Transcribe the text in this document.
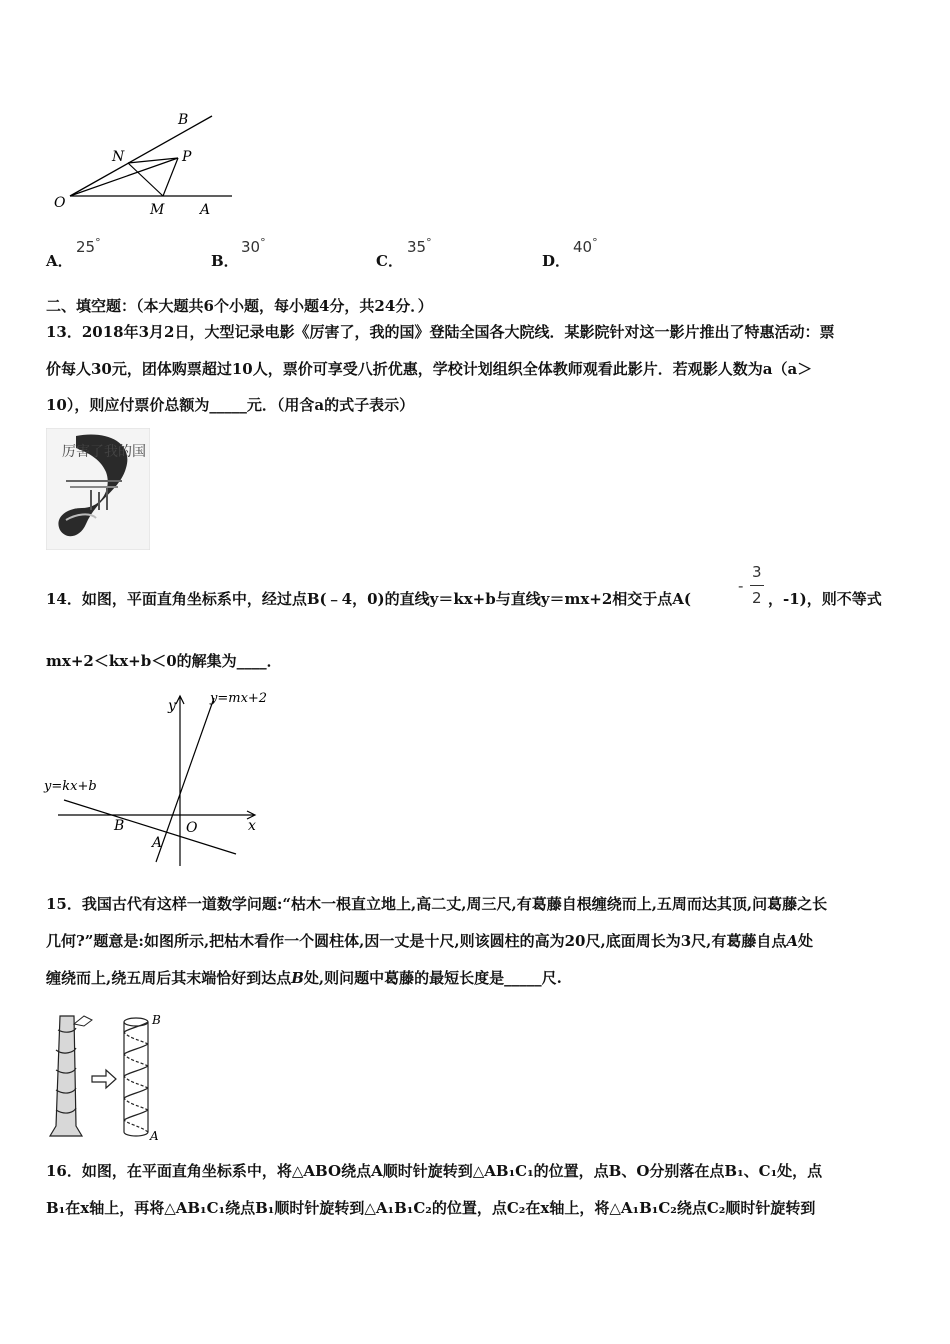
B
N	P
O	M	A
A．
25°
B．
30°
C．
35°
D．
40°
二、填空题：（本大题共6个小题，每小题4分，共24分．）
13．2018年3月2日，大型记录电影《厉害了，我的国》登陆全国各大院线．某影院针对这一影片推出了特惠活动：票
价每人30元，团体购票超过10人，票价可享受八折优惠，学校计划组织全体教师观看此影片．若观影人数为a（a＞
10），则应付票价总额为_____元．（用含a的式子表示）
厉害了我的国
14．如图，平面直角坐标系中，经过点B(﹣4，0)的直线y＝kx+b与直线y＝mx+2相交于点A(
-
3
2 ，-1)，则不等式
mx+2＜kx+b＜0的解集为____．
y
x
O
B
A
y=mx+2
y=kx+b
15．我国古代有这样一道数学问题:“枯木一根直立地上,高二丈,周三尺,有葛藤自根缠绕而上,五周而达其顶,问葛藤之长
几何?”题意是:如图所示,把枯木看作一个圆柱体,因一丈是十尺,则该圆柱的高为20尺,底面周长为3尺,有葛藤自点A处
缠绕而上,绕五周后其末端恰好到达点B处,则问题中葛藤的最短长度是_____尺.
B
A
16．如图，在平面直角坐标系中，将△ABO绕点A顺时针旋转到△AB₁C₁的位置，点B、O分别落在点B₁、C₁处，点
B₁在x轴上，再将△AB₁C₁绕点B₁顺时针旋转到△A₁B₁C₂的位置，点C₂在x轴上，将△A₁B₁C₂绕点C₂顺时针旋转到
